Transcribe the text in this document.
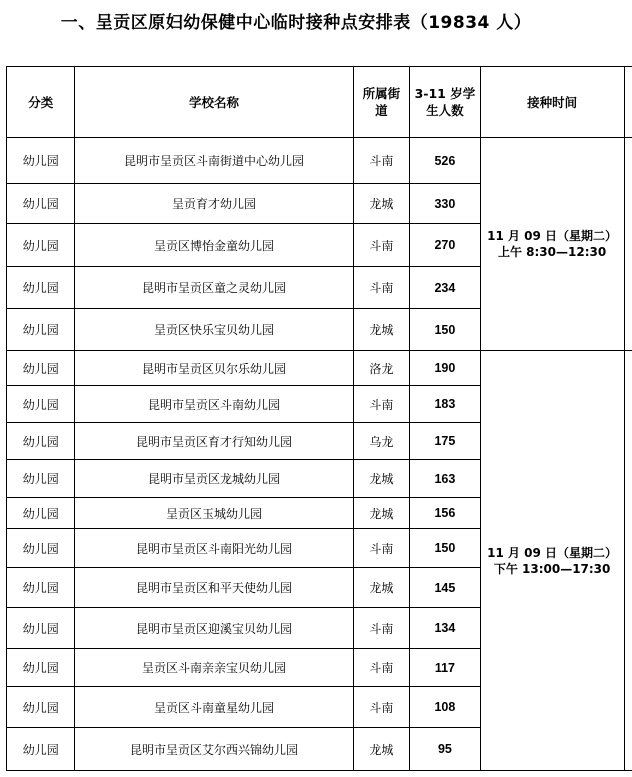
一、呈贡区原妇幼保健中心临时接种点安排表（19834 人）
分类	学校名称	所属街道	3-11 岁学生人数	接种时间	
幼儿园	昆明市呈贡区斗南街道中心幼儿园	斗南	526	11 月 09 日（星期二）
上午 8:30—12:30	

幼儿园	呈贡育才幼儿园	龙城	330		
幼儿园	呈贡区博怡金童幼儿园	斗南	270		
幼儿园	昆明市呈贡区童之灵幼儿园	斗南	234		
幼儿园	呈贡区快乐宝贝幼儿园	龙城	150		
幼儿园	昆明市呈贡区贝尔乐幼儿园	洛龙	190	11 月 09 日（星期二）
下午 13:00—17:30	

幼儿园	昆明市呈贡区斗南幼儿园	斗南	183		
幼儿园	昆明市呈贡区育才行知幼儿园	乌龙	175		
幼儿园	昆明市呈贡区龙城幼儿园	龙城	163		
幼儿园	呈贡区玉城幼儿园	龙城	156		
幼儿园	昆明市呈贡区斗南阳光幼儿园	斗南	150		
幼儿园	昆明市呈贡区和平天使幼儿园	龙城	145		
幼儿园	昆明市呈贡区迎溪宝贝幼儿园	斗南	134		
幼儿园	呈贡区斗南亲亲宝贝幼儿园	斗南	117		
幼儿园	呈贡区斗南童星幼儿园	斗南	108		
幼儿园	昆明市呈贡区艾尔西兴锦幼儿园	龙城	95		
